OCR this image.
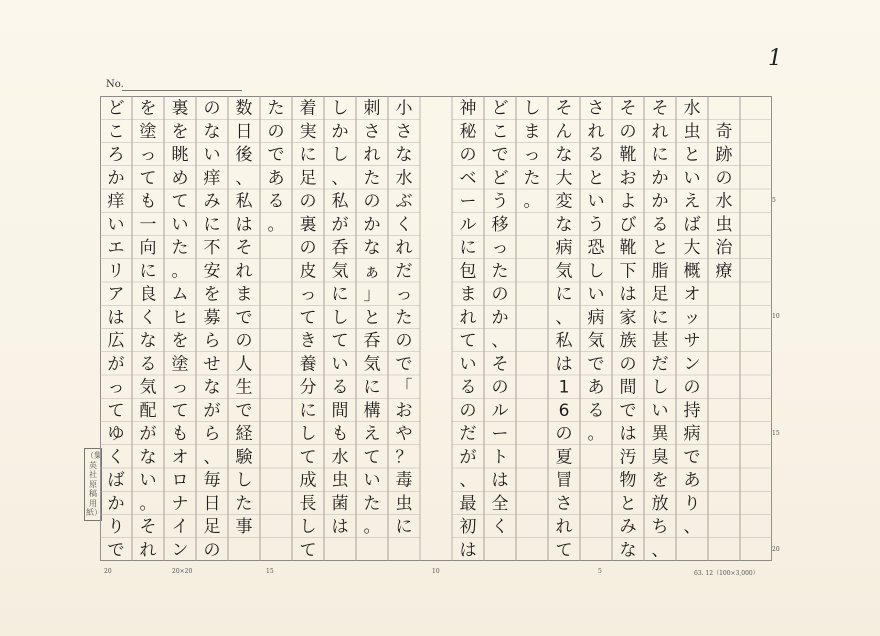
1
No.
（集英社原稿用紙）
奇
跡
の
水
虫
治
療
水
虫
と
い
え
ば
大
概
オ
ッ
サ
ン
の
持
病
で
あ
り
、
そ
れ
に
か
か
る
と
脂
足
に
甚
だ
し
い
異
臭
を
放
ち
、
そ
の
靴
お
よ
び
靴
下
は
家
族
の
間
で
は
汚
物
と
み
な
さ
れ
る
と
い
う
恐
し
い
病
気
で
あ
る
。
そ
ん
な
大
変
な
病
気
に
、
私
は
1
6
の
夏
冒
さ
れ
て
し
ま
っ
た
。
ど
こ
で
ど
う
移
っ
た
の
か
、
そ
の
ル
ー
ト
は
全
く
神
秘
の
ベ
ー
ル
に
包
ま
れ
て
い
る
の
だ
が
、
最
初
は
小
さ
な
水
ぶ
く
れ
だ
っ
た
の
で
「
お
や
？
毒
虫
に
刺
さ
れ
た
の
か
な
ぁ
」
と
呑
気
に
構
え
て
い
た
。
し
か
し
、
私
が
呑
気
に
し
て
い
る
間
も
水
虫
菌
は
着
実
に
足
の
裏
の
皮
っ
て
き
養
分
に
し
て
成
長
し
て
た
の
で
あ
る
。
数
日
後
、
私
は
そ
れ
ま
で
の
人
生
で
経
験
し
た
事
の
な
い
痒
み
に
不
安
を
募
ら
せ
な
が
ら
、
毎
日
足
の
裏
を
眺
め
て
い
た
。
ム
ヒ
を
塗
っ
て
も
オ
ロ
ナ
イ
ン
を
塗
っ
て
も
一
向
に
良
く
な
る
気
配
が
な
い
。
そ
れ
ど
こ
ろ
か
痒
い
エ
リ
ア
は
広
が
っ
て
ゆ
く
ば
か
り
で
20	20×20	15	10	5	63. 12（100×3,000）
5
10
15
20
